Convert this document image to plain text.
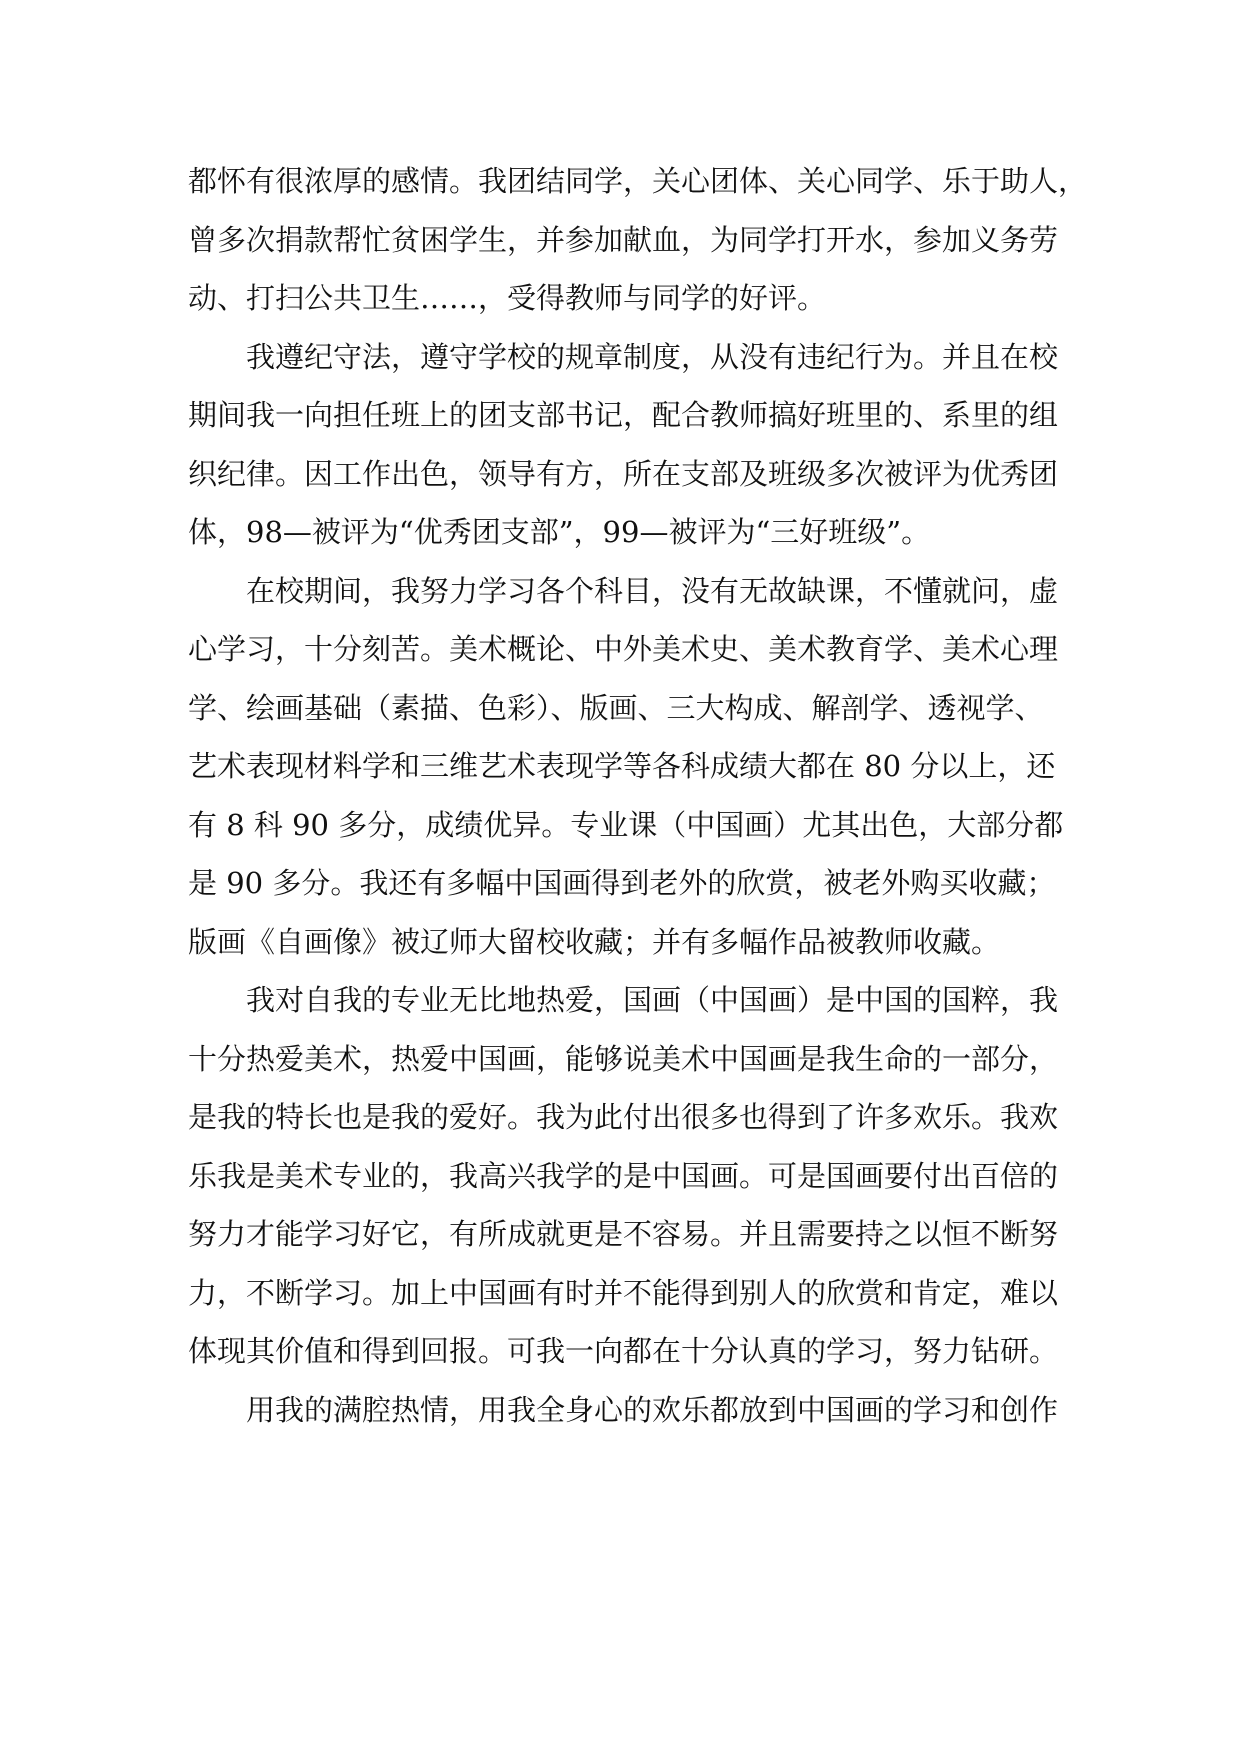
都怀有很浓厚的感情。我团结同学，关心团体、关心同学、乐于助人，
曾多次捐款帮忙贫困学生，并参加献血，为同学打开水，参加义务劳
动、打扫公共卫生……，受得教师与同学的好评。
我遵纪守法，遵守学校的规章制度，从没有违纪行为。并且在校
期间我一向担任班上的团支部书记，配合教师搞好班里的、系里的组
织纪律。因工作出色，领导有方，所在支部及班级多次被评为优秀团
体，98—被评为“优秀团支部”，99—被评为“三好班级”。
在校期间，我努力学习各个科目，没有无故缺课，不懂就问，虚
心学习，十分刻苦。美术概论、中外美术史、美术教育学、美术心理
学、绘画基础（素描、色彩）、版画、三大构成、解剖学、透视学、
艺术表现材料学和三维艺术表现学等各科成绩大都在 80 分以上，还
有 8 科 90 多分，成绩优异。专业课（中国画）尤其出色，大部分都
是 90 多分。我还有多幅中国画得到老外的欣赏，被老外购买收藏；
版画《自画像》被辽师大留校收藏；并有多幅作品被教师收藏。
我对自我的专业无比地热爱，国画（中国画）是中国的国粹，我
十分热爱美术，热爱中国画，能够说美术中国画是我生命的一部分，
是我的特长也是我的爱好。我为此付出很多也得到了许多欢乐。我欢
乐我是美术专业的，我高兴我学的是中国画。可是国画要付出百倍的
努力才能学习好它，有所成就更是不容易。并且需要持之以恒不断努
力，不断学习。加上中国画有时并不能得到别人的欣赏和肯定，难以
体现其价值和得到回报。可我一向都在十分认真的学习，努力钻研。
用我的满腔热情，用我全身心的欢乐都放到中国画的学习和创作
